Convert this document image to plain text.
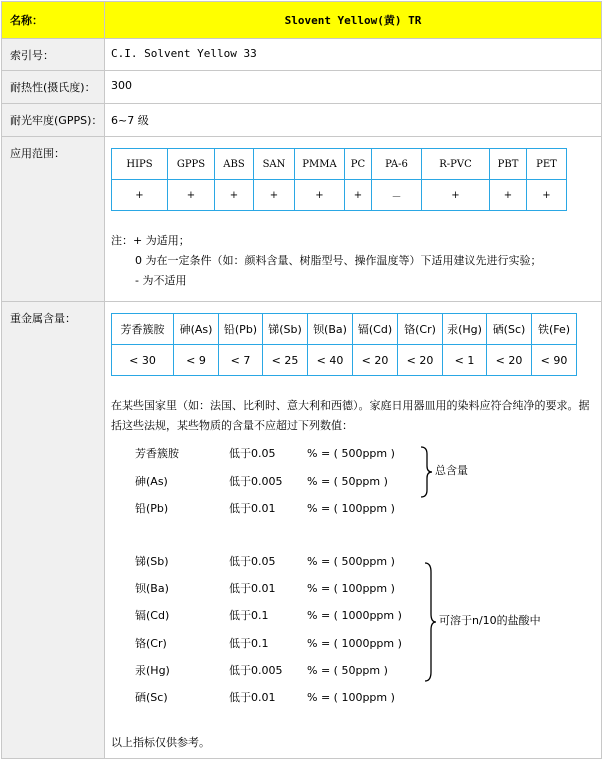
名称：	Slovent Yellow(黄) TR
索引号：	C.I. Solvent Yellow 33
耐热性(摄氏度)：	300
耐光牢度(GPPS)：	6~7 级
应用范围：	
HIPS	GPPS	ABS	SAN	PMMA	PC	PA-6	R-PVC	PBT	PET
+	+	+	+	+	+	－	+	+	+
注：+ 为适用；
0 为在一定条件（如：颜料含量、树脂型号、操作温度等）下适用建议先进行实验；
- 为不适用

重金属含量：	
芳香簇胺	砷(As)	铅(Pb)	锑(Sb)	钡(Ba)	镉(Cd)	铬(Cr)	汞(Hg)	硒(Sc)	铁(Fe)
< 30	< 9	< 7	< 25	< 40	< 20	< 20	< 1	< 20	< 90
在某些国家里（如：法国、比利时、意大利和西德）。家庭日用器皿用的染料应符合纯净的要求。据括这些法规，某些物质的含量不应超过下列数值：
芳香簇胺	低于0.05	% = ( 500ppm )
砷(As)	低于0.005	% = ( 50ppm )
铅(Pb)	低于0.01	% = ( 100ppm )
总含量
锑(Sb)	低于0.05	% = ( 500ppm )
钡(Ba)	低于0.01	% = ( 100ppm )
镉(Cd)	低于0.1	% = ( 1000ppm )
铬(Cr)	低于0.1	% = ( 1000ppm )
汞(Hg)	低于0.005	% = ( 50ppm )
硒(Sc)	低于0.01	% = ( 100ppm )
可溶于n/10的盐酸中
以上指标仅供参考。
